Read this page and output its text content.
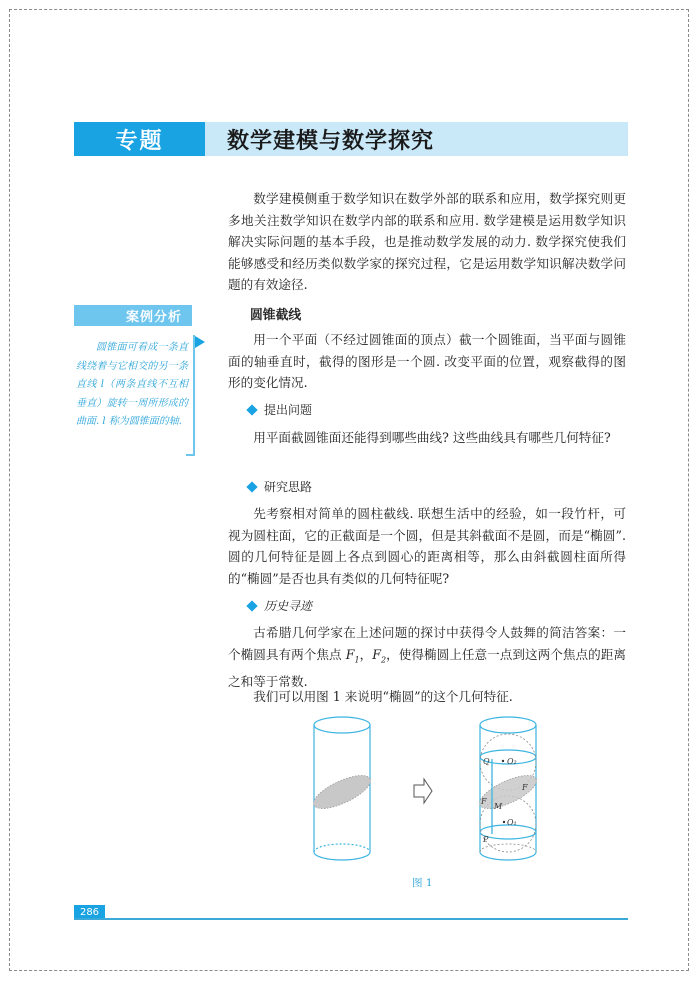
专题	数学建模与数学探究

数学建模侧重于数学知识在数学外部的联系和应用，数学探究则更多地关注数学知识在数学内部的联系和应用. 数学建模是运用数学知识解决实际问题的基本手段，也是推动数学发展的动力. 数学探究使我们能够感受和经历类似数学家的探究过程，它是运用数学知识解决数学问题的有效途径.

案例分析

圆锥面可看成一条直线绕着与它相交的另一条直线 l（两条直线不互相垂直）旋转一周所形成的曲面. l 称为圆锥面的轴.

圆锥截线

用一个平面（不经过圆锥面的顶点）截一个圆锥面，当平面与圆锥面的轴垂直时，截得的图形是一个圆. 改变平面的位置，观察截得的图形的变化情况.

提出问题

用平面截圆锥面还能得到哪些曲线? 这些曲线具有哪些几何特征?

研究思路

先考察相对简单的圆柱截线. 联想生活中的经验，如一段竹杆，可视为圆柱面，它的正截面是一个圆，但是其斜截面不是圆，而是“椭圆”. 圆的几何特征是圆上各点到圆心的距离相等，那么由斜截圆柱面所得的“椭圆”是否也具有类似的几何特征呢?

历史寻迹

古希腊几何学家在上述问题的探讨中获得令人鼓舞的简洁答案：一个椭圆具有两个焦点 $F_1$，$F_2$，使得椭圆上任意一点到这两个焦点的距离之和等于常数.

我们可以用图 1 来说明“椭圆”的这个几何特征.

Q O₂
F
F
M
O₁
P
图 1
286
